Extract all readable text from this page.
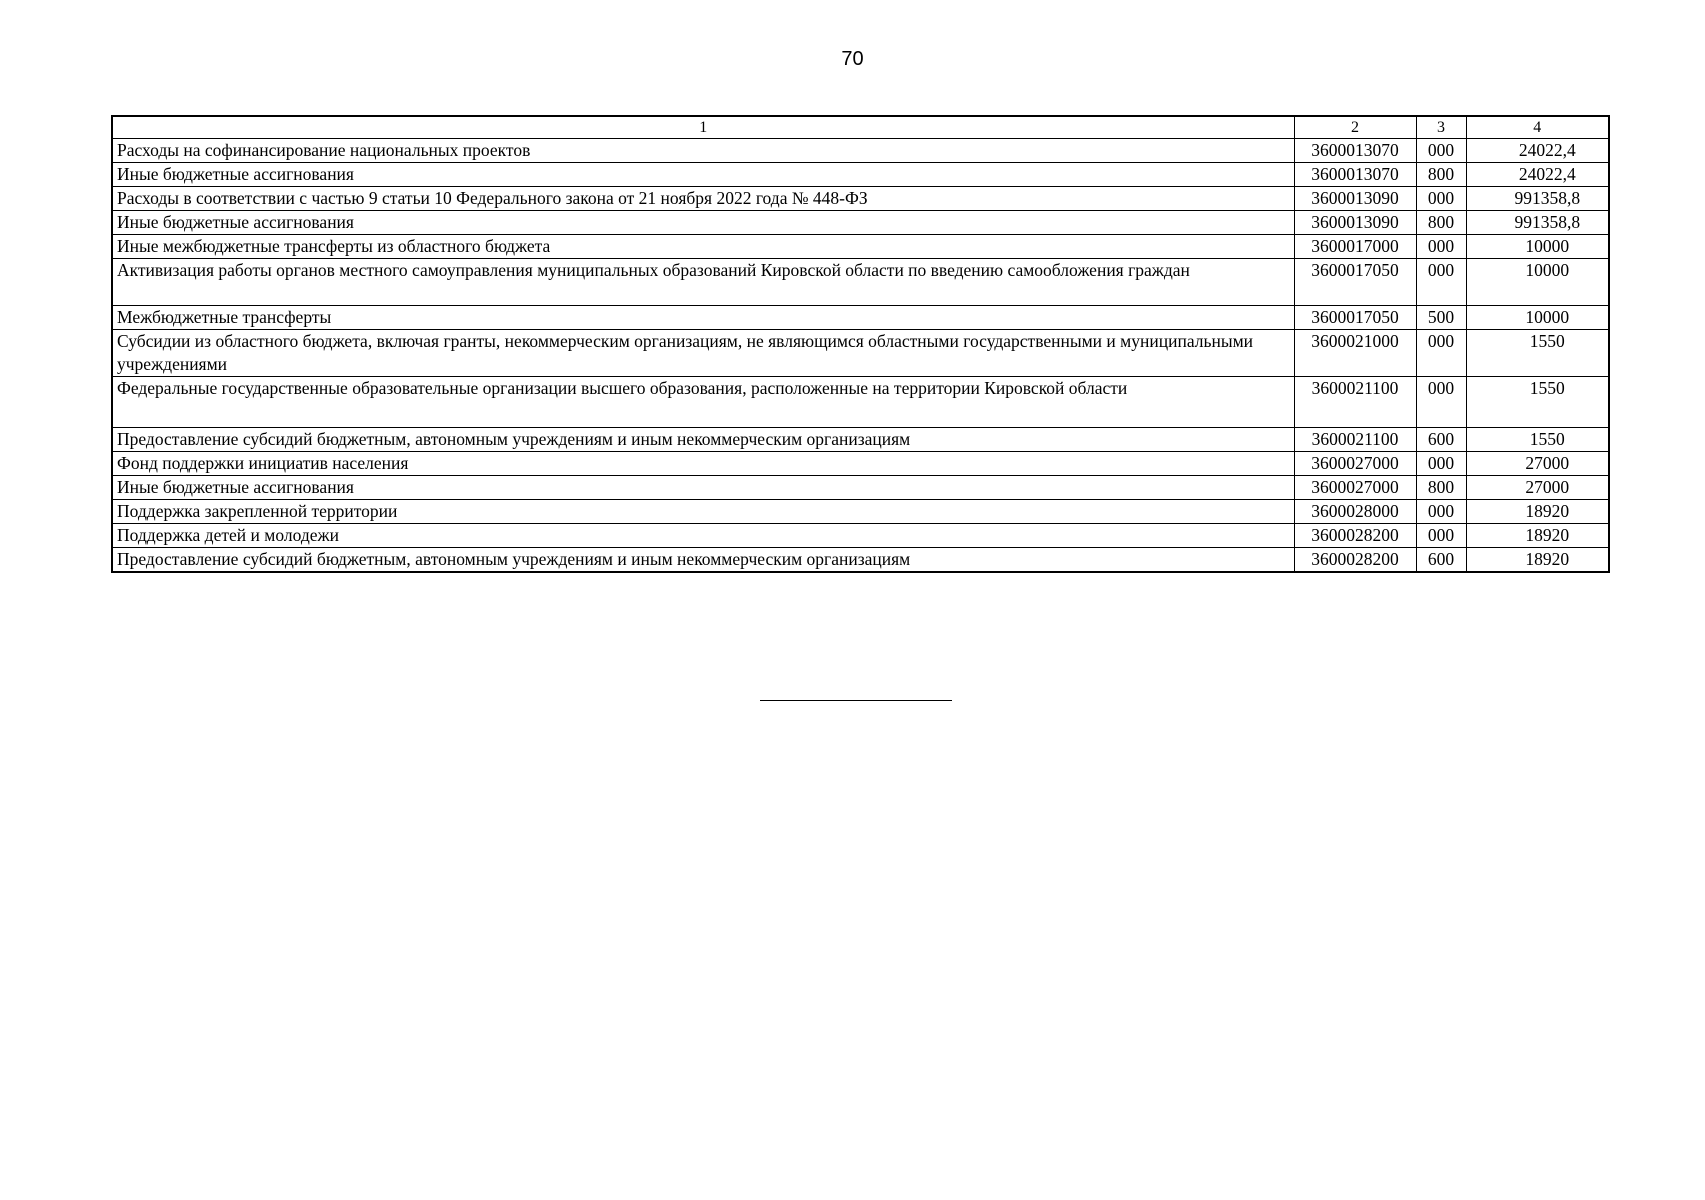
70
1	2	3	4
Расходы на софинансирование национальных проектов	3600013070	000	24022,4
Иные бюджетные ассигнования	3600013070	800	24022,4
Расходы в соответствии с частью 9 статьи 10 Федерального закона от 21 ноября 2022 года № 448-ФЗ	3600013090	000	991358,8
Иные бюджетные ассигнования	3600013090	800	991358,8
Иные межбюджетные трансферты из областного бюджета	3600017000	000	10000
Активизация работы органов местного самоуправления муниципальных образований Кировской области по введению самообложения граждан	3600017050	000	10000
Межбюджетные трансферты	3600017050	500	10000
Субсидии из областного бюджета, включая гранты, некоммерческим организациям, не являющимся областными государственными и муниципальными учреждениями	3600021000	000	1550
Федеральные государственные образовательные организации высшего образования, расположенные на территории Кировской области	3600021100	000	1550
Предоставление субсидий бюджетным, автономным учреждениям и иным некоммерческим организациям	3600021100	600	1550
Фонд поддержки инициатив населения	3600027000	000	27000
Иные бюджетные ассигнования	3600027000	800	27000
Поддержка закрепленной территории	3600028000	000	18920
Поддержка детей и молодежи	3600028200	000	18920
Предоставление субсидий бюджетным, автономным учреждениям и иным некоммерческим организациям	3600028200	600	18920
